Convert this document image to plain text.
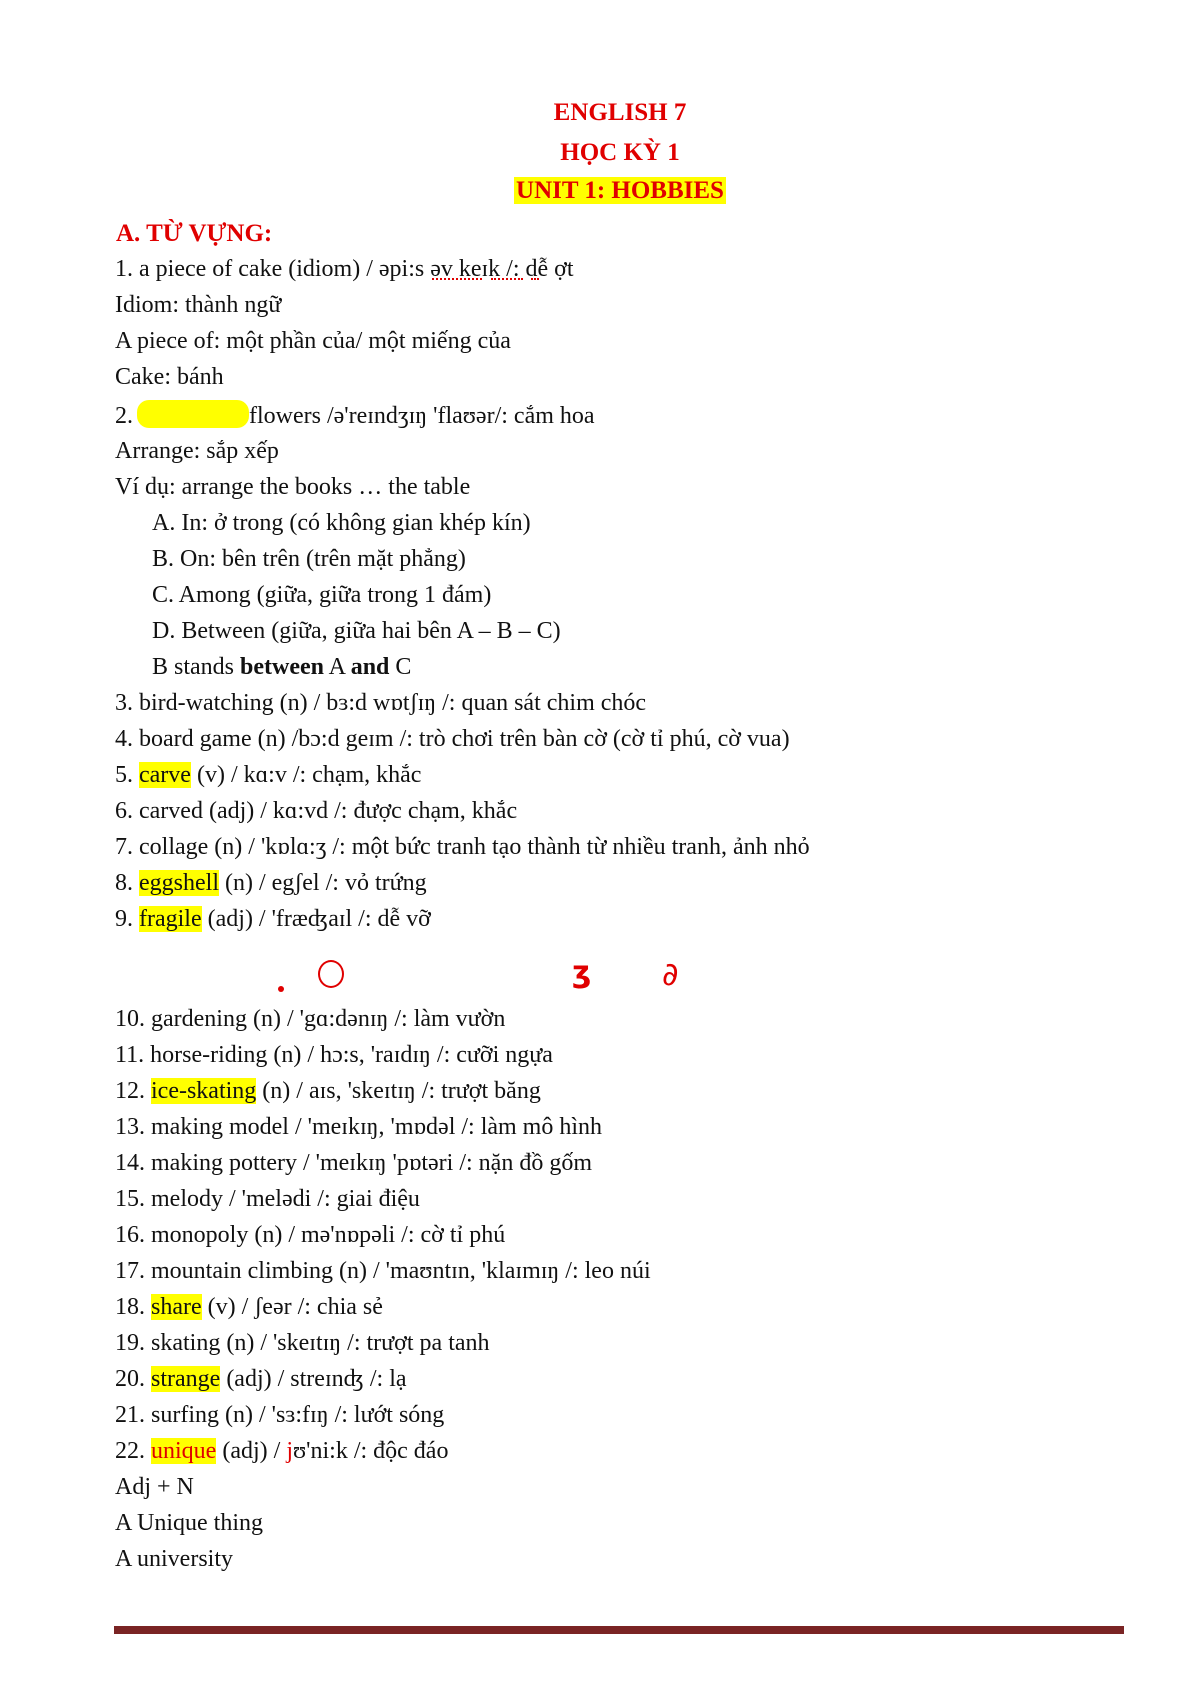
ENGLISH 7
HỌC KỲ 1
UNIT 1: HOBBIES
A. TỪ VỰNG:
1. a piece of cake (idiom) / əpi:s əv keɪk /: dễ ợt
Idiom: thành ngữ
A piece of: một phần của/ một miếng của
Cake: bánh
2.	flowers /ə'reɪndʒɪŋ 'flaʊər/: cắm hoa
Arrange: sắp xếp
Ví dụ: arrange the books … the table
A. In: ở trong (có không gian khép kín)
B. On: bên trên (trên mặt phẳng)
C. Among (giữa, giữa trong 1 đám)
D. Between (giữa, giữa hai bên A – B – C)
B stands between A and C
3. bird-watching (n) / bɜ:d wɒtʃɪŋ /: quan sát chim chóc
4. board game (n) /bɔ:d geɪm /: trò chơi trên bàn cờ (cờ tỉ phú, cờ vua)
5. carve (v) / kɑ:v /: chạm, khắc
6. carved (adj) / kɑ:vd /: được chạm, khắc
7. collage (n) / 'kɒlɑ:ʒ /: một bức tranh tạo thành từ nhiều tranh, ảnh nhỏ
8. eggshell (n) / egʃel /: vỏ trứng
9. fragile (adj) / 'fræʤaɪl /: dễ vỡ
ʒ ∂
10. gardening (n) / 'gɑ:dənɪŋ /: làm vườn
11. horse-riding (n) / hɔ:s, 'raɪdɪŋ /: cưỡi ngựa
12. ice-skating (n) / aɪs, 'skeɪtɪŋ /: trượt băng
13. making model / 'meɪkɪŋ, 'mɒdəl /: làm mô hình
14. making pottery / 'meɪkɪŋ 'pɒtəri /: nặn đồ gốm
15. melody / 'melədi /: giai điệu
16. monopoly (n) / mə'nɒpəli /: cờ tỉ phú
17. mountain climbing (n) / 'maʊntɪn, 'klaɪmɪŋ /: leo núi
18. share (v) / ʃeər /: chia sẻ
19. skating (n) / 'skeɪtɪŋ /: trượt pa tanh
20. strange (adj) / streɪnʤ /: lạ
21. surfing (n) / 'sɜ:fɪŋ /: lướt sóng
22. unique (adj) / jʊ'ni:k /: độc đáo
Adj + N
A Unique thing
A university
